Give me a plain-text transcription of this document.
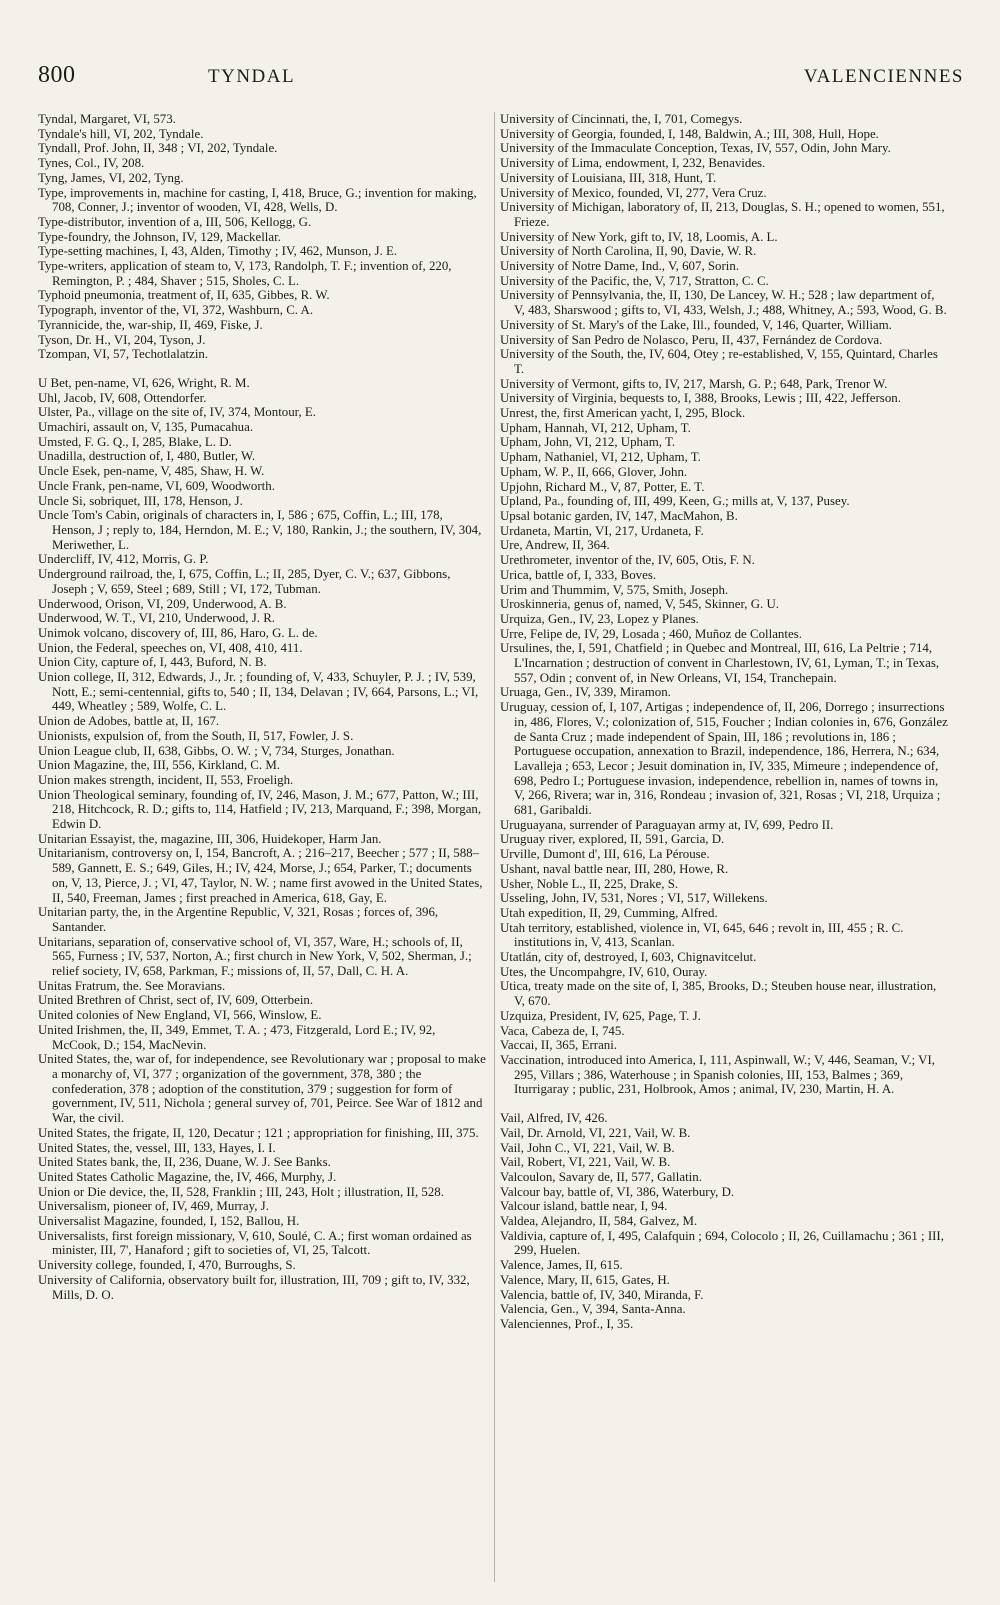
800	TYNDAL	VALENCIENNES
Tyndal, Margaret, VI, 573.
Tyndale's hill, VI, 202, Tyndale.
Tyndall, Prof. John, II, 348 ; VI, 202, Tyndale.
Tynes, Col., IV, 208.
Tyng, James, VI, 202, Tyng.
Type, improvements in, machine for casting, I, 418, Bruce, G.; invention for making, 708, Conner, J.; inventor of wooden, VI, 428, Wells, D.
Type-distributor, invention of a, III, 506, Kellogg, G.
Type-foundry, the Johnson, IV, 129, Mackellar.
Type-setting machines, I, 43, Alden, Timothy ; IV, 462, Munson, J. E.
Type-writers, application of steam to, V, 173, Randolph, T. F.; invention of, 220, Remington, P. ; 484, Shaver ; 515, Sholes, C. L.
Typhoid pneumonia, treatment of, II, 635, Gibbes, R. W.
Typograph, inventor of the, VI, 372, Washburn, C. A.
Tyrannicide, the, war-ship, II, 469, Fiske, J.
Tyson, Dr. H., VI, 204, Tyson, J.
Tzompan, VI, 57, Techotlalatzin.
U Bet, pen-name, VI, 626, Wright, R. M.
Uhl, Jacob, IV, 608, Ottendorfer.
Ulster, Pa., village on the site of, IV, 374, Montour, E.
Umachiri, assault on, V, 135, Pumacahua.
Umsted, F. G. Q., I, 285, Blake, L. D.
Unadilla, destruction of, I, 480, Butler, W.
Uncle Esek, pen-name, V, 485, Shaw, H. W.
Uncle Frank, pen-name, VI, 609, Woodworth.
Uncle Si, sobriquet, III, 178, Henson, J.
Uncle Tom's Cabin, originals of characters in, I, 586 ; 675, Coffin, L.; III, 178, Henson, J ; reply to, 184, Herndon, M. E.; V, 180, Rankin, J.; the southern, IV, 304, Meriwether, L.
Undercliff, IV, 412, Morris, G. P.
Underground railroad, the, I, 675, Coffin, L.; II, 285, Dyer, C. V.; 637, Gibbons, Joseph ; V, 659, Steel ; 689, Still ; VI, 172, Tubman.
Underwood, Orison, VI, 209, Underwood, A. B.
Underwood, W. T., VI, 210, Underwood, J. R.
Unimok volcano, discovery of, III, 86, Haro, G. L. de.
Union, the Federal, speeches on, VI, 408, 410, 411.
Union City, capture of, I, 443, Buford, N. B.
Union college, II, 312, Edwards, J., Jr. ; founding of, V, 433, Schuyler, P. J. ; IV, 539, Nott, E.; semi-centennial, gifts to, 540 ; II, 134, Delavan ; IV, 664, Parsons, L.; VI, 449, Wheatley ; 589, Wolfe, C. L.
Union de Adobes, battle at, II, 167.
Unionists, expulsion of, from the South, II, 517, Fowler, J. S.
Union League club, II, 638, Gibbs, O. W. ; V, 734, Sturges, Jonathan.
Union Magazine, the, III, 556, Kirkland, C. M.
Union makes strength, incident, II, 553, Froeligh.
Union Theological seminary, founding of, IV, 246, Mason, J. M.; 677, Patton, W.; III, 218, Hitchcock, R. D.; gifts to, 114, Hatfield ; IV, 213, Marquand, F.; 398, Morgan, Edwin D.
Unitarian Essayist, the, magazine, III, 306, Huidekoper, Harm Jan.
Unitarianism, controversy on, I, 154, Bancroft, A. ; 216–217, Beecher ; 577 ; II, 588–589, Gannett, E. S.; 649, Giles, H.; IV, 424, Morse, J.; 654, Parker, T.; documents on, V, 13, Pierce, J. ; VI, 47, Taylor, N. W. ; name first avowed in the United States, II, 540, Freeman, James ; first preached in America, 618, Gay, E.
Unitarian party, the, in the Argentine Republic, V, 321, Rosas ; forces of, 396, Santander.
Unitarians, separation of, conservative school of, VI, 357, Ware, H.; schools of, II, 565, Furness ; IV, 537, Norton, A.; first church in New York, V, 502, Sherman, J.; relief society, IV, 658, Parkman, F.; missions of, II, 57, Dall, C. H. A.
Unitas Fratrum, the. See Moravians.
United Brethren of Christ, sect of, IV, 609, Otterbein.
United colonies of New England, VI, 566, Winslow, E.
United Irishmen, the, II, 349, Emmet, T. A. ; 473, Fitzgerald, Lord E.; IV, 92, McCook, D.; 154, MacNevin.
United States, the, war of, for independence, see Revolutionary war ; proposal to make a monarchy of, VI, 377 ; organization of the government, 378, 380 ; the confederation, 378 ; adoption of the constitution, 379 ; suggestion for form of government, IV, 511, Nichola ; general survey of, 701, Peirce. See War of 1812 and War, the civil.
United States, the frigate, II, 120, Decatur ; 121 ; appropriation for finishing, III, 375.
United States, the, vessel, III, 133, Hayes, I. I.
United States bank, the, II, 236, Duane, W. J. See Banks.
United States Catholic Magazine, the, IV, 466, Murphy, J.
Union or Die device, the, II, 528, Franklin ; III, 243, Holt ; illustration, II, 528.
Universalism, pioneer of, IV, 469, Murray, J.
Universalist Magazine, founded, I, 152, Ballou, H.
Universalists, first foreign missionary, V, 610, Soulé, C. A.; first woman ordained as minister, III, 7', Hanaford ; gift to societies of, VI, 25, Talcott.
University college, founded, I, 470, Burroughs, S.
University of California, observatory built for, illustration, III, 709 ; gift to, IV, 332, Mills, D. O.
University of Cincinnati, the, I, 701, Comegys.
University of Georgia, founded, I, 148, Baldwin, A.; III, 308, Hull, Hope.
University of the Immaculate Conception, Texas, IV, 557, Odin, John Mary.
University of Lima, endowment, I, 232, Benavides.
University of Louisiana, III, 318, Hunt, T.
University of Mexico, founded, VI, 277, Vera Cruz.
University of Michigan, laboratory of, II, 213, Douglas, S. H.; opened to women, 551, Frieze.
University of New York, gift to, IV, 18, Loomis, A. L.
University of North Carolina, II, 90, Davie, W. R.
University of Notre Dame, Ind., V, 607, Sorin.
University of the Pacific, the, V, 717, Stratton, C. C.
University of Pennsylvania, the, II, 130, De Lancey, W. H.; 528 ; law department of, V, 483, Sharswood ; gifts to, VI, 433, Welsh, J.; 488, Whitney, A.; 593, Wood, G. B.
University of St. Mary's of the Lake, Ill., founded, V, 146, Quarter, William.
University of San Pedro de Nolasco, Peru, II, 437, Fernández de Cordova.
University of the South, the, IV, 604, Otey ; re-established, V, 155, Quintard, Charles T.
University of Vermont, gifts to, IV, 217, Marsh, G. P.; 648, Park, Trenor W.
University of Virginia, bequests to, I, 388, Brooks, Lewis ; III, 422, Jefferson.
Unrest, the, first American yacht, I, 295, Block.
Upham, Hannah, VI, 212, Upham, T.
Upham, John, VI, 212, Upham, T.
Upham, Nathaniel, VI, 212, Upham, T.
Upham, W. P., II, 666, Glover, John.
Upjohn, Richard M., V, 87, Potter, E. T.
Upland, Pa., founding of, III, 499, Keen, G.; mills at, V, 137, Pusey.
Upsal botanic garden, IV, 147, MacMahon, B.
Urdaneta, Martin, VI, 217, Urdaneta, F.
Ure, Andrew, II, 364.
Urethrometer, inventor of the, IV, 605, Otis, F. N.
Urica, battle of, I, 333, Boves.
Urim and Thummim, V, 575, Smith, Joseph.
Uroskinneria, genus of, named, V, 545, Skinner, G. U.
Urquiza, Gen., IV, 23, Lopez y Planes.
Urre, Felipe de, IV, 29, Losada ; 460, Muñoz de Collantes.
Ursulines, the, I, 591, Chatfield ; in Quebec and Montreal, III, 616, La Peltrie ; 714, L'Incarnation ; destruction of convent in Charlestown, IV, 61, Lyman, T.; in Texas, 557, Odin ; convent of, in New Orleans, VI, 154, Tranchepain.
Uruaga, Gen., IV, 339, Miramon.
Uruguay, cession of, I, 107, Artigas ; independence of, II, 206, Dorrego ; insurrections in, 486, Flores, V.; colonization of, 515, Foucher ; Indian colonies in, 676, González de Santa Cruz ; made independent of Spain, III, 186 ; revolutions in, 186 ; Portuguese occupation, annexation to Brazil, independence, 186, Herrera, N.; 634, Lavalleja ; 653, Lecor ; Jesuit domination in, IV, 335, Mimeure ; independence of, 698, Pedro I.; Portuguese invasion, independence, rebellion in, names of towns in, V, 266, Rivera; war in, 316, Rondeau ; invasion of, 321, Rosas ; VI, 218, Urquiza ; 681, Garibaldi.
Uruguayana, surrender of Paraguayan army at, IV, 699, Pedro II.
Uruguay river, explored, II, 591, Garcia, D.
Urville, Dumont d', III, 616, La Pérouse.
Ushant, naval battle near, III, 280, Howe, R.
Usher, Noble L., II, 225, Drake, S.
Usseling, John, IV, 531, Nores ; VI, 517, Willekens.
Utah expedition, II, 29, Cumming, Alfred.
Utah territory, established, violence in, VI, 645, 646 ; revolt in, III, 455 ; R. C. institutions in, V, 413, Scanlan.
Utatlán, city of, destroyed, I, 603, Chignavitcelut.
Utes, the Uncompahgre, IV, 610, Ouray.
Utica, treaty made on the site of, I, 385, Brooks, D.; Steuben house near, illustration, V, 670.
Uzquiza, President, IV, 625, Page, T. J.
Vaca, Cabeza de, I, 745.
Vaccai, II, 365, Errani.
Vaccination, introduced into America, I, 111, Aspinwall, W.; V, 446, Seaman, V.; VI, 295, Villars ; 386, Waterhouse ; in Spanish colonies, III, 153, Balmes ; 369, Iturrigaray ; public, 231, Holbrook, Amos ; animal, IV, 230, Martin, H. A.
Vail, Alfred, IV, 426.
Vail, Dr. Arnold, VI, 221, Vail, W. B.
Vail, John C., VI, 221, Vail, W. B.
Vail, Robert, VI, 221, Vail, W. B.
Valcoulon, Savary de, II, 577, Gallatin.
Valcour bay, battle of, VI, 386, Waterbury, D.
Valcour island, battle near, I, 94.
Valdea, Alejandro, II, 584, Galvez, M.
Valdivia, capture of, I, 495, Calafquin ; 694, Colocolo ; II, 26, Cuillamachu ; 361 ; III, 299, Huelen.
Valence, James, II, 615.
Valence, Mary, II, 615, Gates, H.
Valencia, battle of, IV, 340, Miranda, F.
Valencia, Gen., V, 394, Santa-Anna.
Valenciennes, Prof., I, 35.
